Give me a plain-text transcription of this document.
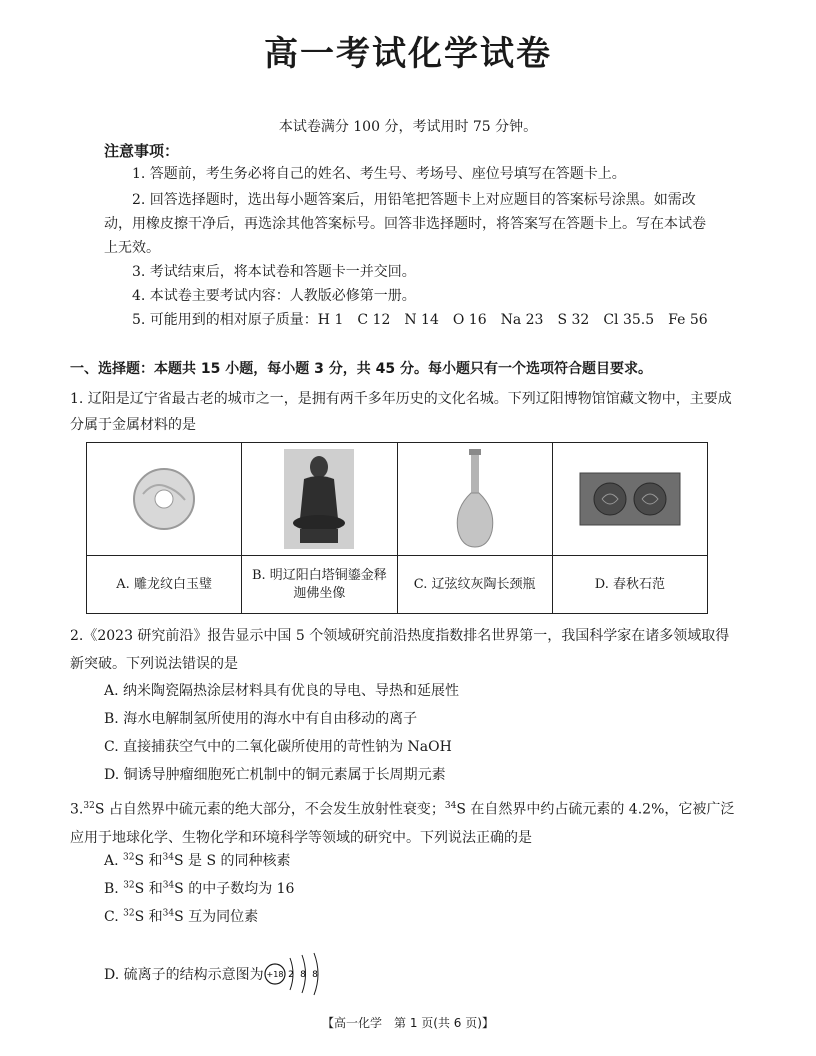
高一考试化学试卷
本试卷满分 100 分，考试用时 75 分钟。
注意事项：
1. 答题前，考生务必将自己的姓名、考生号、考场号、座位号填写在答题卡上。
2. 回答选择题时，选出每小题答案后，用铅笔把答题卡上对应题目的答案标号涂黑。如需改动，用橡皮擦干净后，再选涂其他答案标号。回答非选择题时，将答案写在答题卡上。写在本试卷上无效。
3. 考试结束后，将本试卷和答题卡一并交回。
4. 本试卷主要考试内容：人教版必修第一册。
5. 可能用到的相对原子质量：H 1　C 12　N 14　O 16　Na 23　S 32　Cl 35.5　Fe 56
一、选择题：本题共 15 小题，每小题 3 分，共 45 分。每小题只有一个选项符合题目要求。
1. 辽阳是辽宁省最古老的城市之一，是拥有两千多年历史的文化名城。下列辽阳博物馆馆藏文物中，主要成分属于金属材料的是
A. 雕龙纹白玉璧
B. 明辽阳白塔铜鎏金释迦佛坐像
C. 辽弦纹灰陶长颈瓶	D. 春秋石范
2.《2023 研究前沿》报告显示中国 5 个领域研究前沿热度指数排名世界第一，我国科学家在诸多领域取得新突破。下列说法错误的是
A. 纳米陶瓷隔热涂层材料具有优良的导电、导热和延展性
B. 海水电解制氢所使用的海水中有自由移动的离子
C. 直接捕获空气中的二氧化碳所使用的苛性钠为 NaOH
D. 铜诱导肿瘤细胞死亡机制中的铜元素属于长周期元素
3.32S 占自然界中硫元素的绝大部分，不会发生放射性衰变；$^{34}$S 在自然界中约占硫元素的 4.2%，它被广泛应用于地球化学、生物化学和环境科学等领域的研究中。下列说法正确的是
A. $^{32}$S 和$^{34}$S 是 S 的同种核素
B. $^{32}$S 和$^{34}$S 的中子数均为 16
C. $^{32}$S 和$^{34}$S 互为同位素
D. 硫离子的结构示意图为 +18 2 8 8
【高一化学　第 1 页(共 6 页)】
